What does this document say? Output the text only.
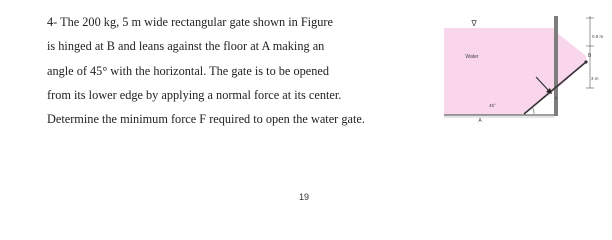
4- The 200 kg, 5 m wide rectangular gate shown in Figure
is hinged at B and leans against the floor at A making an
angle of 45° with the horizontal. The gate is to be opened
from its lower edge by applying a normal force at its center.
Determine the minimum force F required to open the water gate.
∇
Water
45°
A
B
F
0.5 m
3 m
19
